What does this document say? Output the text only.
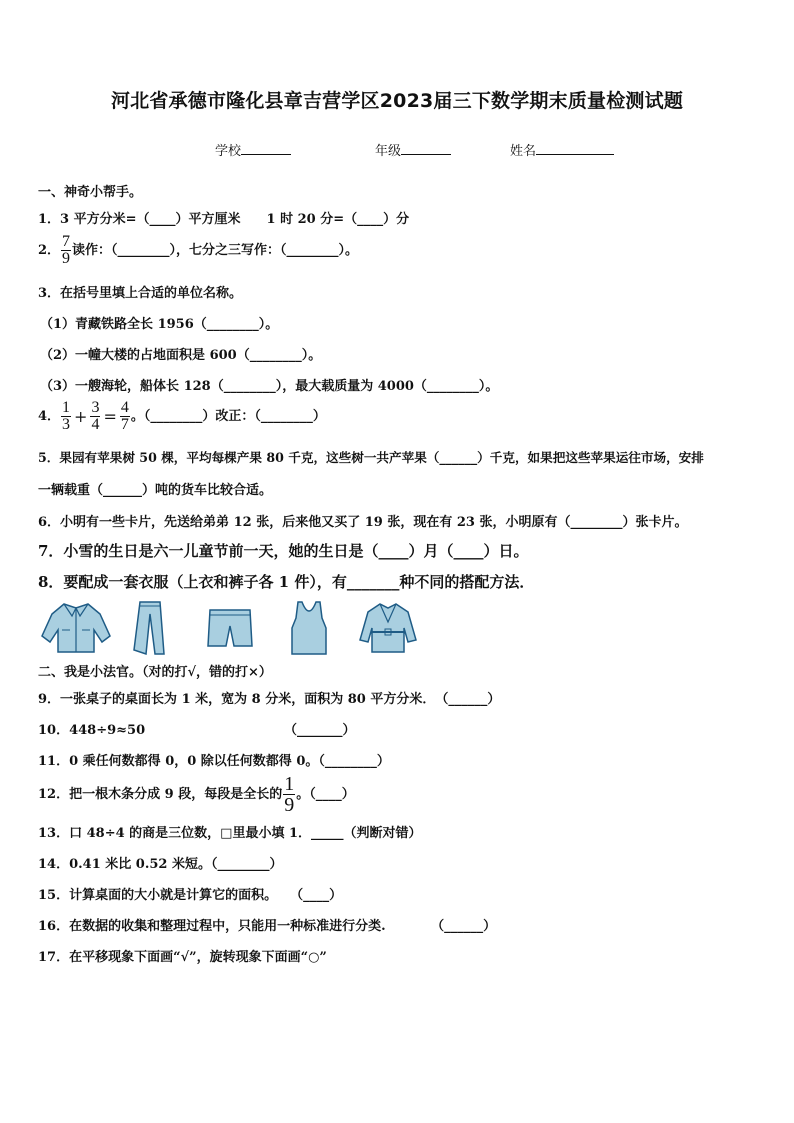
河北省承德市隆化县章吉营学区2023届三下数学期末质量检测试题
学校	年级	姓名
一、神奇小帮手。
1．3 平方分米=（____）平方厘米　　1 时 20 分=（____）分
2． $\frac{7}{9}$ 读作：（________），七分之三写作：（________）。
3．在括号里填上合适的单位名称。
（1）青藏铁路全长 1956（________）。
（2）一幢大楼的占地面积是 600（________）。
（3）一艘海轮，船体长 128（________），最大载质量为 4000（________）。
4． $\frac{1}{3} + \frac{3}{4} = \frac{4}{7}$ 。（________）改正：（________）
5．果园有苹果树 50 棵，平均每棵产果 80 千克，这些树一共产苹果（______）千克，如果把这些苹果运往市场，安排
一辆载重（______）吨的货车比较合适。
6．小明有一些卡片，先送给弟弟 12 张，后来他又买了 19 张，现在有 23 张，小明原有（________）张卡片。
7．小雪的生日是六一儿童节前一天，她的生日是（____）月（____）日。
8．要配成一套衣服（上衣和裤子各 1 件），有_______种不同的搭配方法．
二、我是小法官。（对的打√，错的打×）
9．一张桌子的桌面长为 1 米，宽为 8 分米，面积为 80 平方分米．　（______）
10．448÷9≈50	（_______）
11．0 乘任何数都得 0，0 除以任何数都得 0。（________）
12．把一根木条分成 9 段，每段是全长的 $\frac{1}{9}$ 。（____）
13．口 48÷4 的商是三位数，□里最小填 1．_____（判断对错）
14．0.41 米比 0.52 米短。（________）
15．计算桌面的大小就是计算它的面积。　　（____）
16．在数据的收集和整理过程中，只能用一种标准进行分类.　　　　（______）
17．在平移现象下面画“√”，旋转现象下面画“○”
